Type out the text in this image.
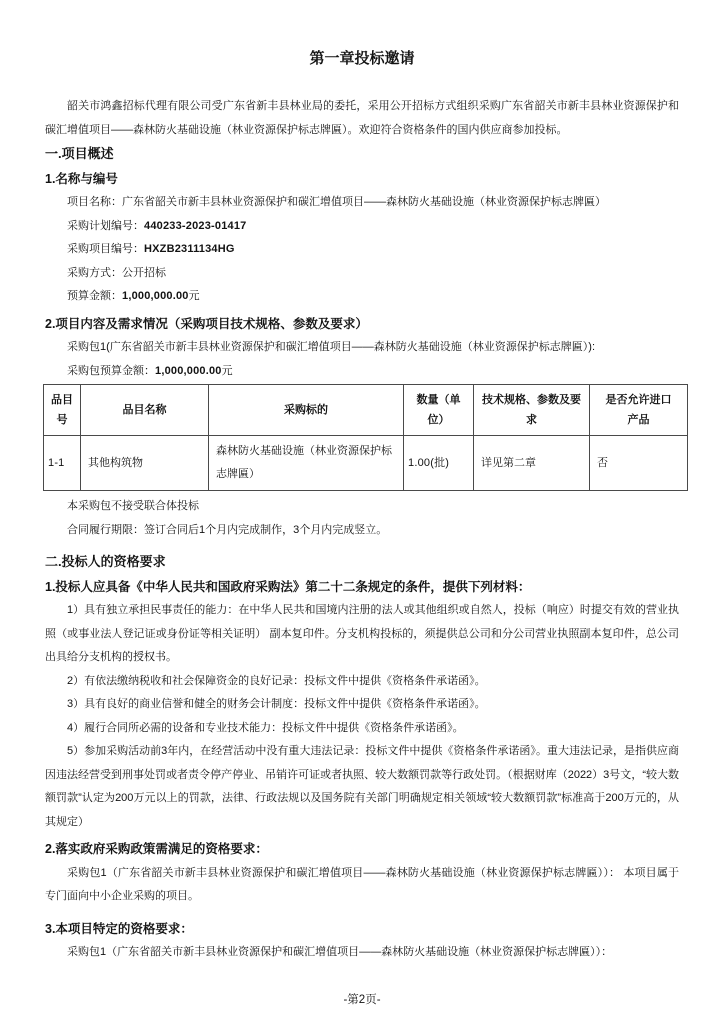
第一章投标邀请

韶关市鸿鑫招标代理有限公司受广东省新丰县林业局的委托，采用公开招标方式组织采购广东省韶关市新丰县林业资源保护和碳汇增值项目——森林防火基础设施（林业资源保护标志牌匾）。欢迎符合资格条件的国内供应商参加投标。

一.项目概述
1.名称与编号

项目名称：广东省韶关市新丰县林业资源保护和碳汇增值项目——森林防火基础设施（林业资源保护标志牌匾）

采购计划编号：440233-2023-01417

采购项目编号：HXZB2311134HG

采购方式：公开招标

预算金额：1,000,000.00元

2.项目内容及需求情况（采购项目技术规格、参数及要求）

采购包1(广东省韶关市新丰县林业资源保护和碳汇增值项目——森林防火基础设施（林业资源保护标志牌匾）):

采购包预算金额：1,000,000.00元

品目号	品目名称	采购标的	数量（单位）	技术规格、参数及要求	是否允许进口产品
1-1	其他构筑物	森林防火基础设施（林业资源保护标志牌匾）	1.00(批)	详见第二章	否

本采购包不接受联合体投标

合同履行期限：签订合同后1个月内完成制作，3个月内完成竖立。

二.投标人的资格要求
1.投标人应具备《中华人民共和国政府采购法》第二十二条规定的条件，提供下列材料：

1）具有独立承担民事责任的能力：在中华人民共和国境内注册的法人或其他组织或自然人，投标（响应）时提交有效的营业执照（或事业法人登记证或身份证等相关证明） 副本复印件。分支机构投标的，须提供总公司和分公司营业执照副本复印件，总公司出具给分支机构的授权书。

2）有依法缴纳税收和社会保障资金的良好记录：投标文件中提供《资格条件承诺函》。

3）具有良好的商业信誉和健全的财务会计制度：投标文件中提供《资格条件承诺函》。

4）履行合同所必需的设备和专业技术能力：投标文件中提供《资格条件承诺函》。

5）参加采购活动前3年内，在经营活动中没有重大违法记录：投标文件中提供《资格条件承诺函》。重大违法记录，是指供应商因违法经营受到刑事处罚或者责令停产停业、吊销许可证或者执照、较大数额罚款等行政处罚。（根据财库（2022）3号文，“较大数额罚款”认定为200万元以上的罚款，法律、行政法规以及国务院有关部门明确规定相关领域“较大数额罚款”标准高于200万元的，从其规定）

2.落实政府采购政策需满足的资格要求：

采购包1（广东省韶关市新丰县林业资源保护和碳汇增值项目——森林防火基础设施（林业资源保护标志牌匾））： 本项目属于专门面向中小企业采购的项目。

3.本项目特定的资格要求：

采购包1（广东省韶关市新丰县林业资源保护和碳汇增值项目——森林防火基础设施（林业资源保护标志牌匾））：

-第2页-
